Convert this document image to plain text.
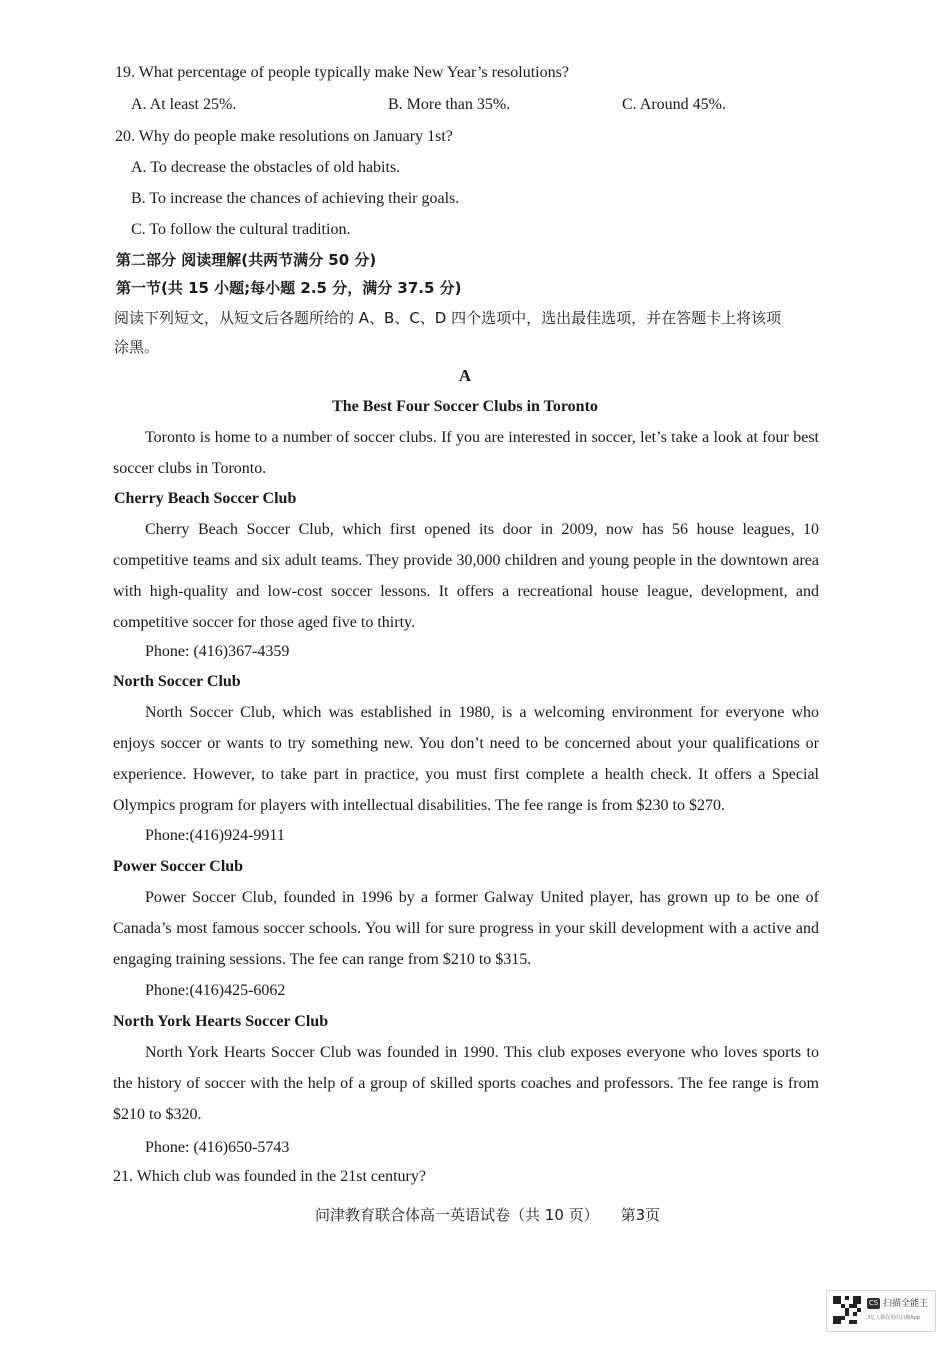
19. What percentage of people typically make New Year’s resolutions?
A. At least 25%.	B. More than 35%.	C. Around 45%.
20. Why do people make resolutions on January 1st?
A. To decrease the obstacles of old habits.
B. To increase the chances of achieving their goals.
C. To follow the cultural tradition.
第二部分 阅读理解(共两节满分 50 分)
第一节(共 15 小题;每小题 2.5 分，满分 37.5 分)
阅读下列短文，从短文后各题所给的 A、B、C、D 四个选项中，选出最佳选项，并在答题卡上将该项
涂黑。
A
The Best Four Soccer Clubs in Toronto
Toronto is home to a number of soccer clubs. If you are interested in soccer, let’s take a look at four best soccer clubs in Toronto.
Cherry Beach Soccer Club
Cherry Beach Soccer Club, which first opened its door in 2009, now has 56 house leagues, 10 competitive teams and six adult teams. They provide 30,000 children and young people in the downtown area with high-quality and low-cost soccer lessons. It offers a recreational house league, development, and competitive soccer for those aged five to thirty.
Phone: (416)367-4359
North Soccer Club
North Soccer Club, which was established in 1980, is a welcoming environment for everyone who enjoys soccer or wants to try something new. You don’t need to be concerned about your qualifications or experience. However, to take part in practice, you must first complete a health check. It offers a Special Olympics program for players with intellectual disabilities. The fee range is from $230 to $270.
Phone:(416)924-9911
Power Soccer Club
Power Soccer Club, founded in 1996 by a former Galway United player, has grown up to be one of Canada’s most famous soccer schools. You will for sure progress in your skill development with a active and engaging training sessions. The fee can range from $210 to $315.
Phone:(416)425-6062
North York Hearts Soccer Club
North York Hearts Soccer Club was founded in 1990. This club exposes everyone who loves sports to the history of soccer with the help of a group of skilled sports coaches and professors. The fee range is from $210 to $320.
Phone: (416)650-5743
21. Which club was founded in the 21st century?
问津教育联合体高一英语试卷（共 10 页） 第3页
CS 扫描全能王
3亿人都在用的扫描App
